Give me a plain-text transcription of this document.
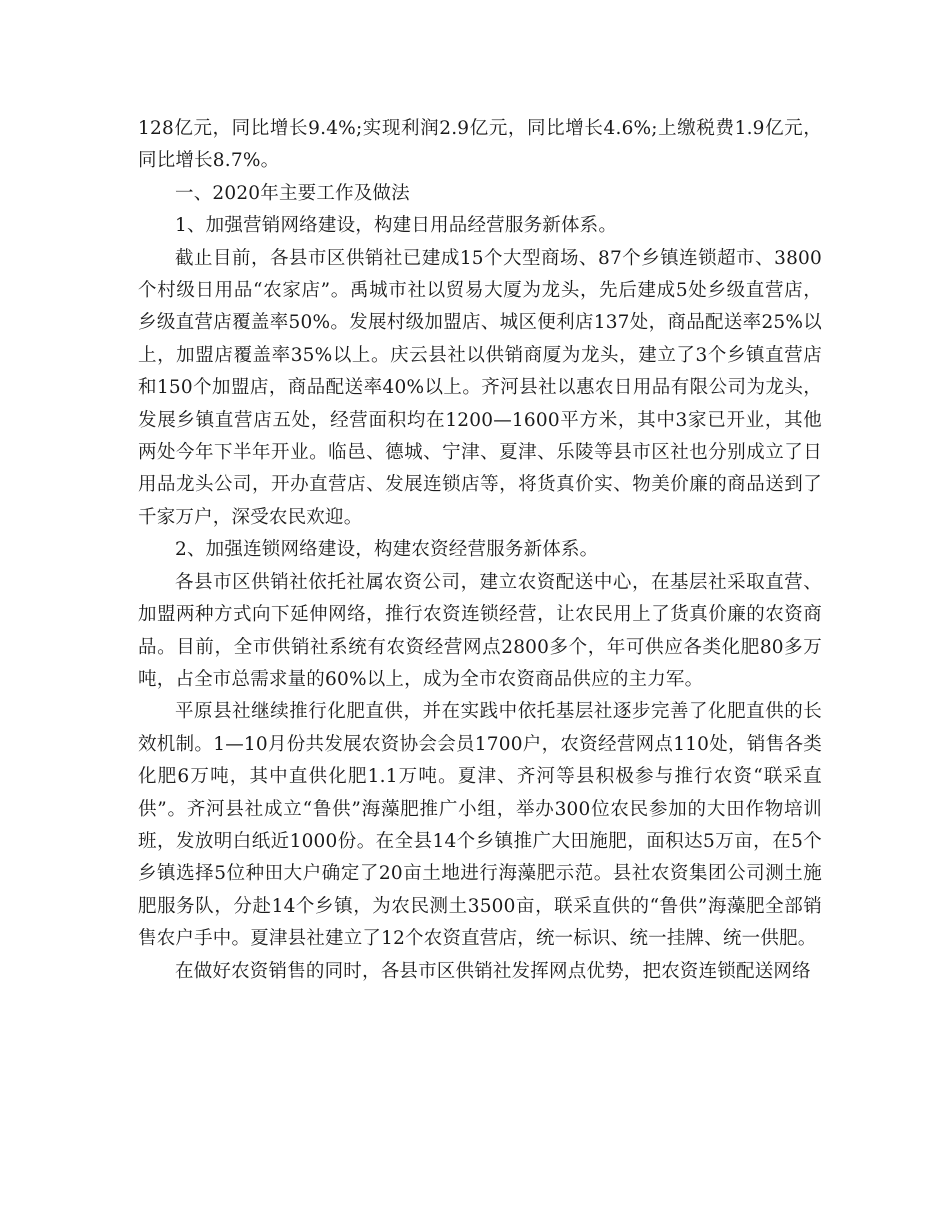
128亿元，同比增长9.4%;实现利润2.9亿元，同比增长4.6%;上缴税费1.9亿元，同比增长8.7%。

一、2020年主要工作及做法

1、加强营销网络建设，构建日用品经营服务新体系。

截止目前，各县市区供销社已建成15个大型商场、87个乡镇连锁超市、3800个村级日用品“农家店”。禹城市社以贸易大厦为龙头，先后建成5处乡级直营店，乡级直营店覆盖率50%。发展村级加盟店、城区便利店137处，商品配送率25%以上，加盟店覆盖率35%以上。庆云县社以供销商厦为龙头，建立了3个乡镇直营店和150个加盟店，商品配送率40%以上。齐河县社以惠农日用品有限公司为龙头，发展乡镇直营店五处，经营面积均在1200—1600平方米，其中3家已开业，其他两处今年下半年开业。临邑、德城、宁津、夏津、乐陵等县市区社也分别成立了日用品龙头公司，开办直营店、发展连锁店等，将货真价实、物美价廉的商品送到了千家万户，深受农民欢迎。

2、加强连锁网络建设，构建农资经营服务新体系。

各县市区供销社依托社属农资公司，建立农资配送中心，在基层社采取直营、加盟两种方式向下延伸网络，推行农资连锁经营，让农民用上了货真价廉的农资商品。目前，全市供销社系统有农资经营网点2800多个，年可供应各类化肥80多万吨，占全市总需求量的60%以上，成为全市农资商品供应的主力军。

平原县社继续推行化肥直供，并在实践中依托基层社逐步完善了化肥直供的长效机制。1—10月份共发展农资协会会员1700户，农资经营网点110处，销售各类化肥6万吨，其中直供化肥1.1万吨。夏津、齐河等县积极参与推行农资“联采直供”。齐河县社成立“鲁供”海藻肥推广小组，举办300位农民参加的大田作物培训班，发放明白纸近1000份。在全县14个乡镇推广大田施肥，面积达5万亩，在5个乡镇选择5位种田大户确定了20亩土地进行海藻肥示范。县社农资集团公司测土施肥服务队，分赴14个乡镇，为农民测土3500亩，联采直供的“鲁供”海藻肥全部销售农户手中。夏津县社建立了12个农资直营店，统一标识、统一挂牌、统一供肥。

在做好农资销售的同时，各县市区供销社发挥网点优势，把农资连锁配送网络
